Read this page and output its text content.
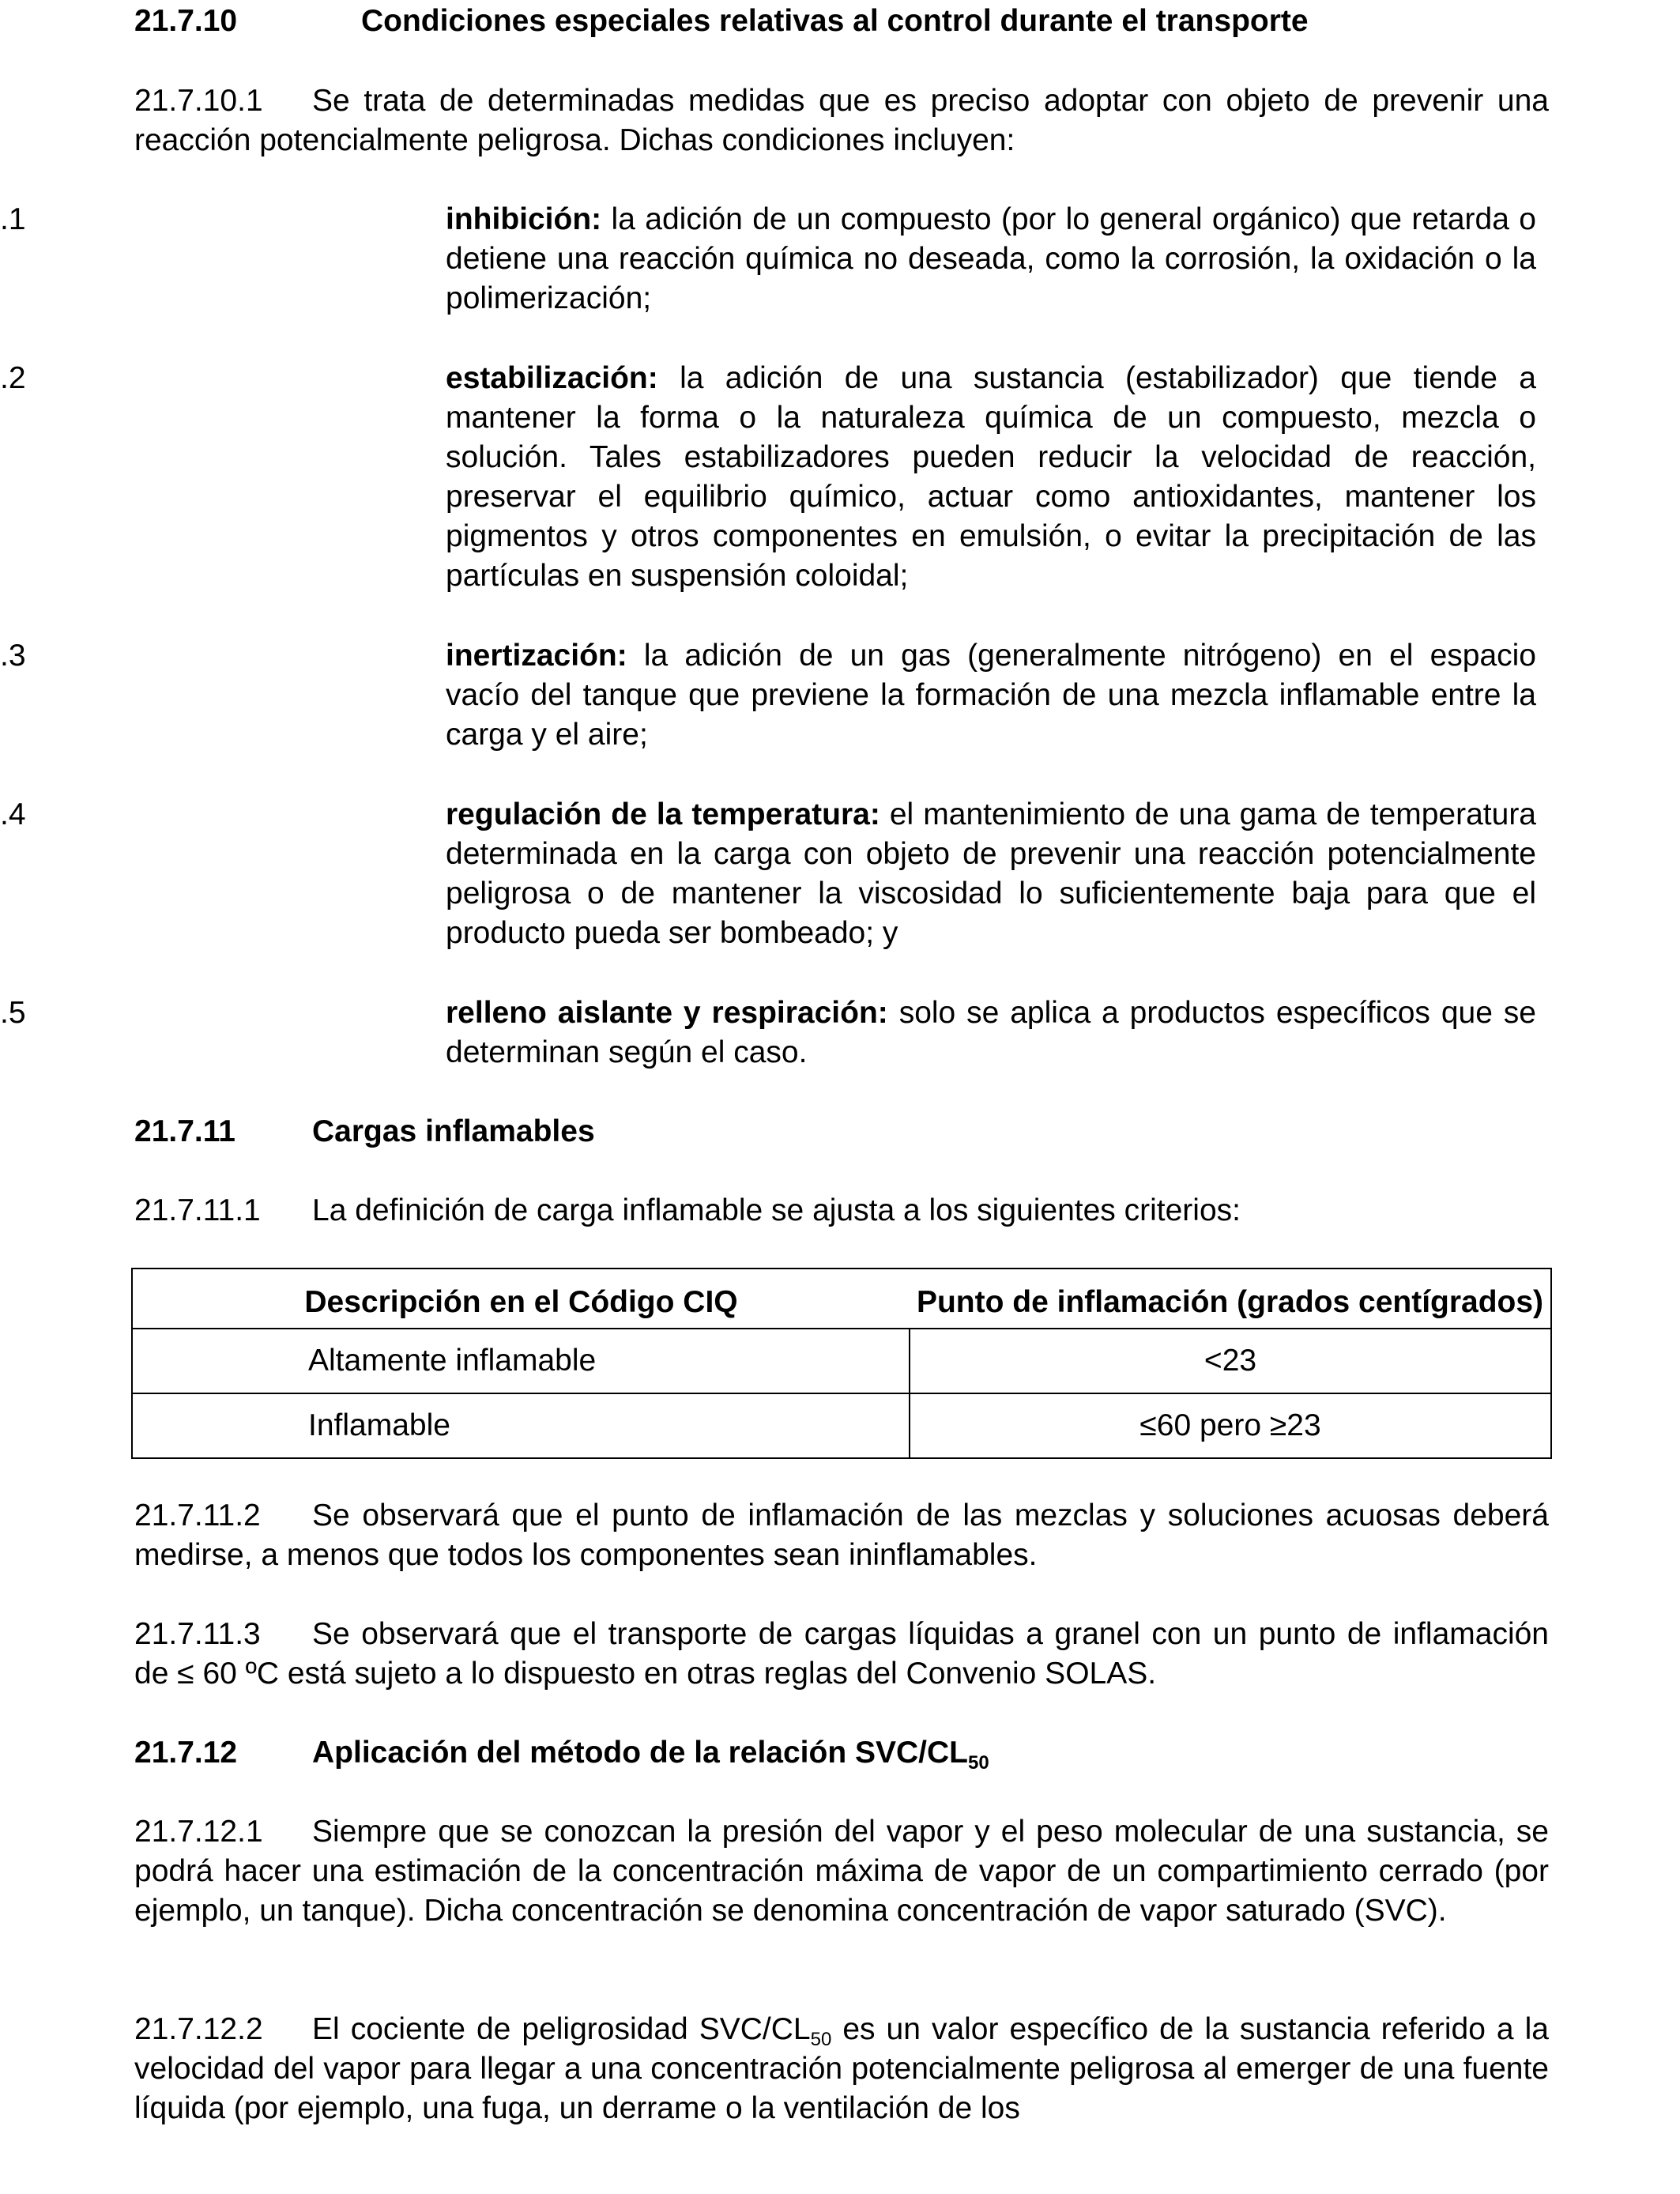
21.7.10	Condiciones especiales relativas al control durante el transporte
21.7.10.1 Se trata de determinadas medidas que es preciso adoptar con objeto de prevenir una reacción potencialmente peligrosa. Dichas condiciones incluyen:
.1	inhibición: la adición de un compuesto (por lo general orgánico) que retarda o detiene una reacción química no deseada, como la corrosión, la oxidación o la polimerización;
.2	estabilización: la adición de una sustancia (estabilizador) que tiende a mantener la forma o la naturaleza química de un compuesto, mezcla o solución. Tales estabilizadores pueden reducir la velocidad de reacción, preservar el equilibrio químico, actuar como antioxidantes, mantener los pigmentos y otros componentes en emulsión, o evitar la precipitación de las partículas en suspensión coloidal;
.3	inertización: la adición de un gas (generalmente nitrógeno) en el espacio vacío del tanque que previene la formación de una mezcla inflamable entre la carga y el aire;
.4	regulación de la temperatura: el mantenimiento de una gama de temperatura determinada en la carga con objeto de prevenir una reacción potencialmente peligrosa o de mantener la viscosidad lo suficientemente baja para que el producto pueda ser bombeado; y
.5	relleno aislante y respiración: solo se aplica a productos específicos que se determinan según el caso.
21.7.11 Cargas inflamables
21.7.11.1 La definición de carga inflamable se ajusta a los siguientes criterios:
Descripción en el Código CIQ	Punto de inflamación (grados centígrados)
Altamente inflamable	<23
Inflamable	≤60 pero ≥23
21.7.11.2 Se observará que el punto de inflamación de las mezclas y soluciones acuosas deberá medirse, a menos que todos los componentes sean ininflamables.
21.7.11.3 Se observará que el transporte de cargas líquidas a granel con un punto de inflamación de ≤ 60 ºC está sujeto a lo dispuesto en otras reglas del Convenio SOLAS.
21.7.12 Aplicación del método de la relación SVC/$CL_{50}$
21.7.12.1 Siempre que se conozcan la presión del vapor y el peso molecular de una sustancia, se podrá hacer una estimación de la concentración máxima de vapor de un compartimiento cerrado (por ejemplo, un tanque). Dicha concentración se denomina concentración de vapor saturado (SVC).
21.7.12.2 El cociente de peligrosidad SVC/$CL_{50}$ es un valor específico de la sustancia referido a la velocidad del vapor para llegar a una concentración potencialmente peligrosa al emerger de una fuente líquida (por ejemplo, una fuga, un derrame o la ventilación de los
